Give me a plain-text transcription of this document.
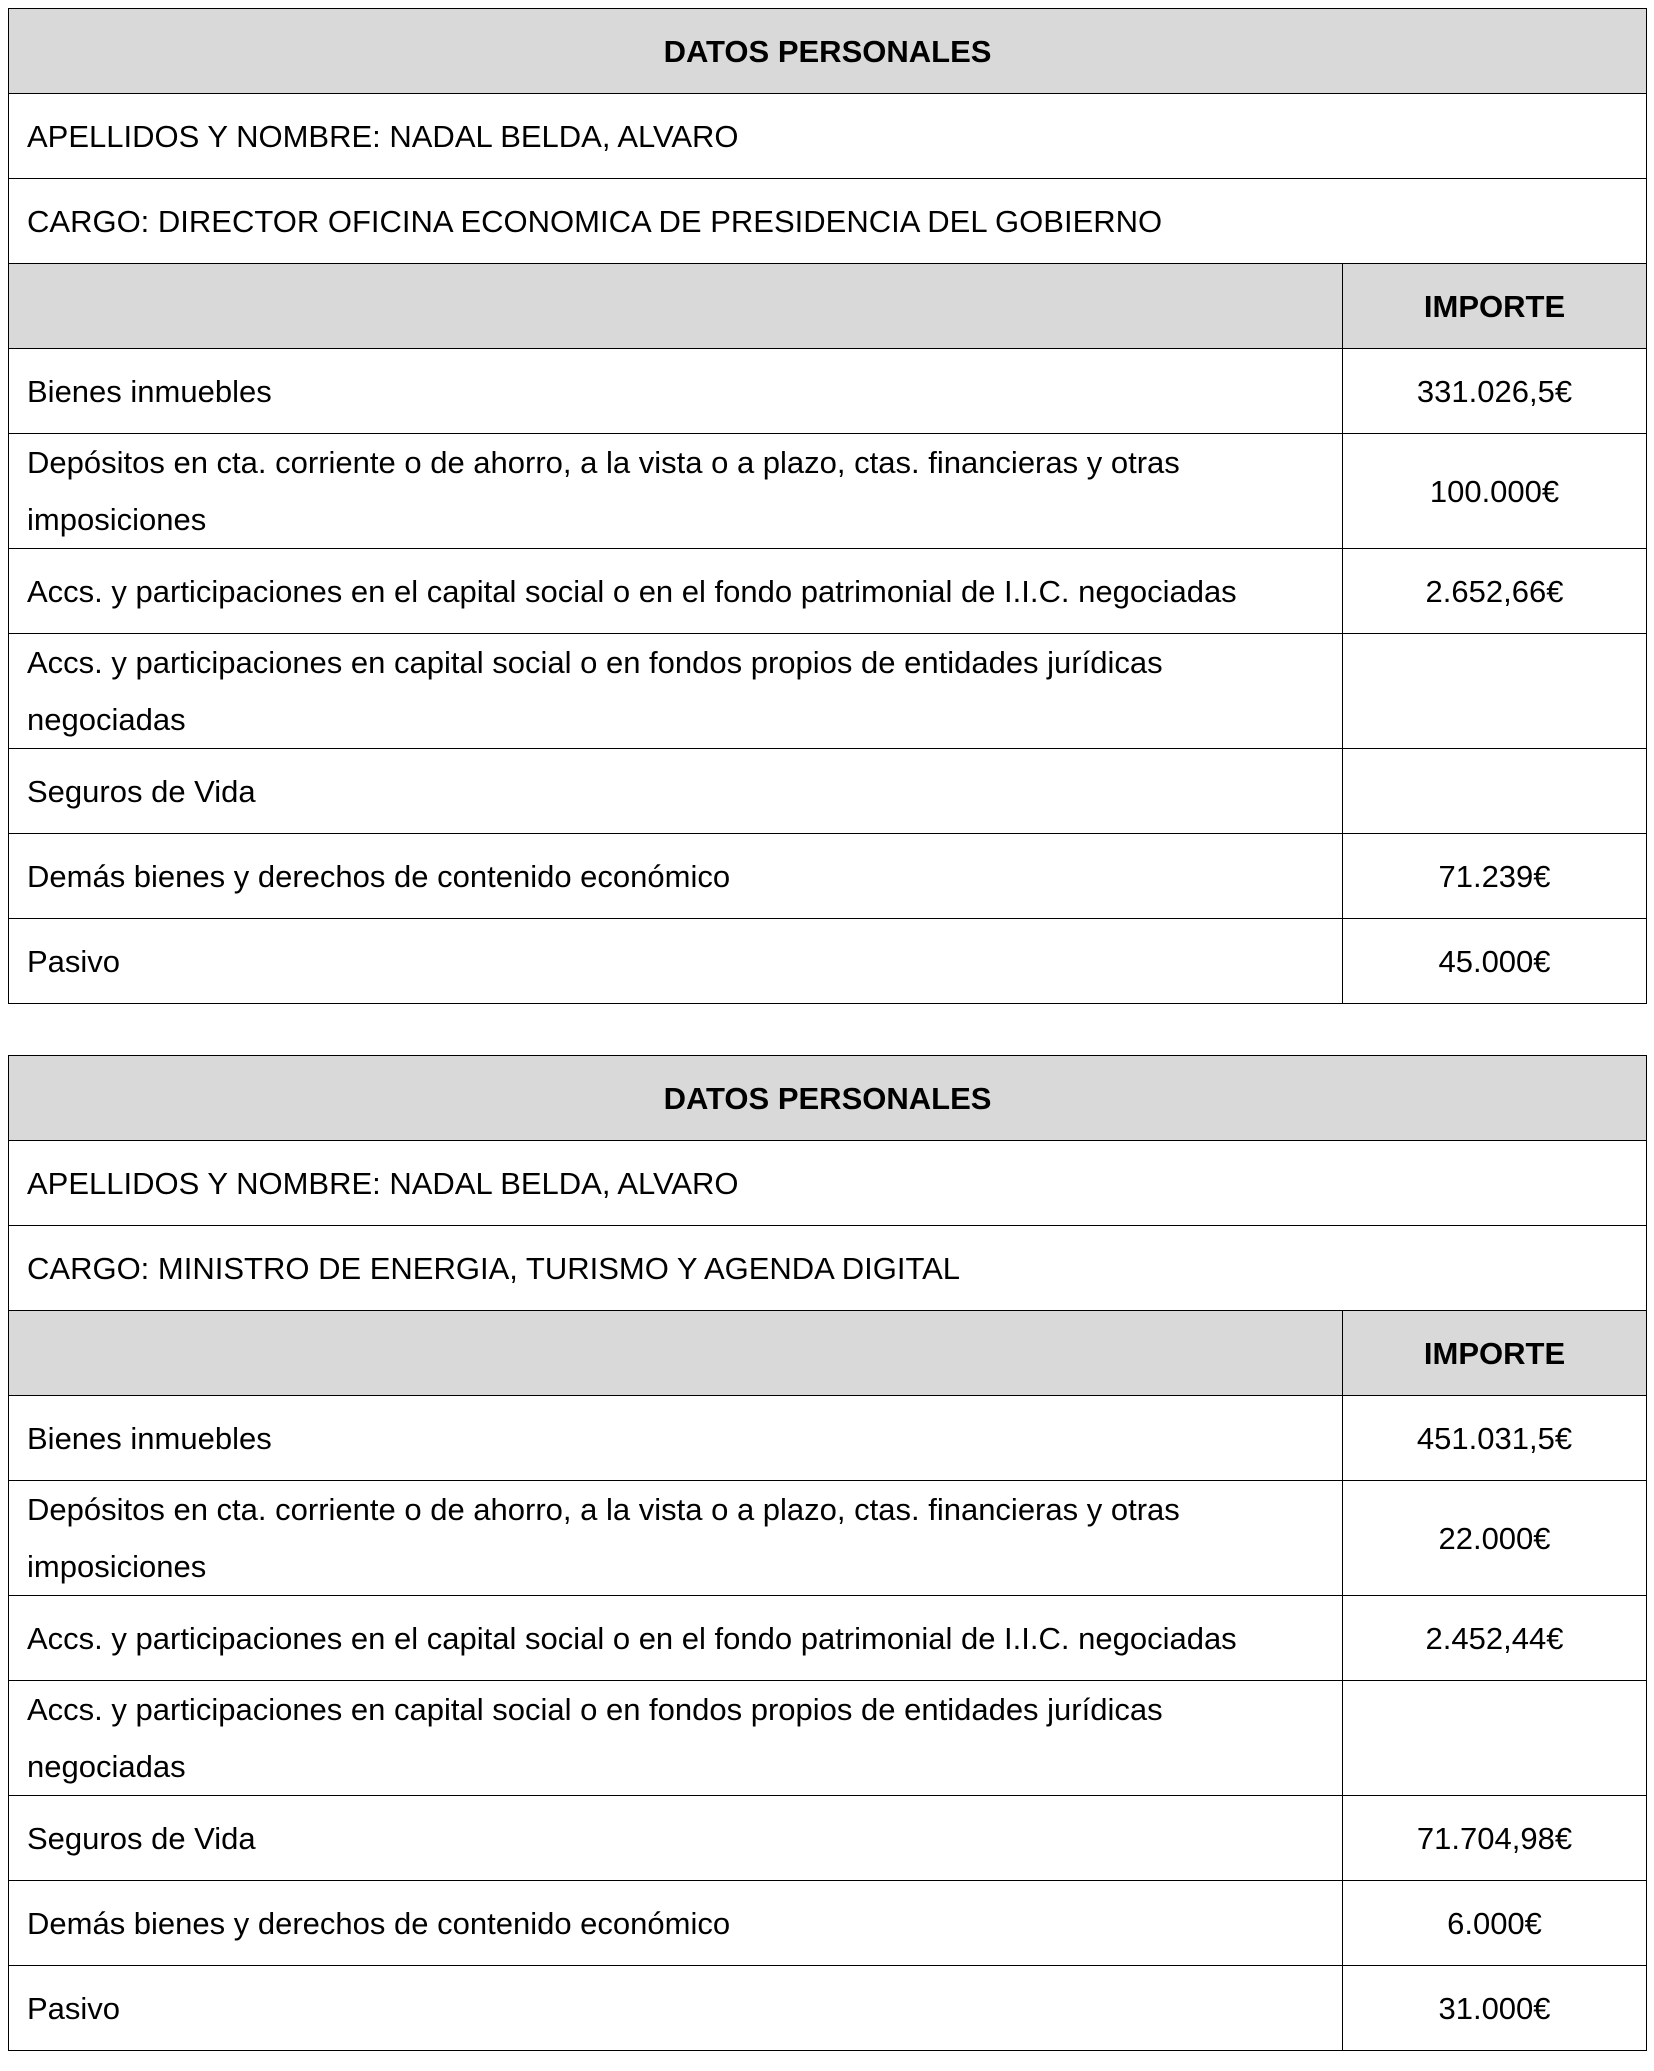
DATOS PERSONALES	
APELLIDOS Y NOMBRE: NADAL BELDA, ALVARO	
CARGO: DIRECTOR OFICINA ECONOMICA DE PRESIDENCIA DEL GOBIERNO	
	IMPORTE
Bienes inmuebles	331.026,5€
Depósitos en cta. corriente o de ahorro, a la vista o a plazo, ctas. financieras y otras imposiciones	100.000€
Accs. y participaciones en el capital social o en el fondo patrimonial de I.I.C. negociadas	2.652,66€
Accs. y participaciones en capital social o en fondos propios de entidades jurídicas negociadas	
Seguros de Vida	
Demás bienes y derechos de contenido económico	71.239€
Pasivo	45.000€
DATOS PERSONALES	
APELLIDOS Y NOMBRE: NADAL BELDA, ALVARO	
CARGO: MINISTRO DE ENERGIA, TURISMO Y AGENDA DIGITAL	
	IMPORTE
Bienes inmuebles	451.031,5€
Depósitos en cta. corriente o de ahorro, a la vista o a plazo, ctas. financieras y otras imposiciones	22.000€
Accs. y participaciones en el capital social o en el fondo patrimonial de I.I.C. negociadas	2.452,44€
Accs. y participaciones en capital social o en fondos propios de entidades jurídicas negociadas	
Seguros de Vida	71.704,98€
Demás bienes y derechos de contenido económico	6.000€
Pasivo	31.000€
